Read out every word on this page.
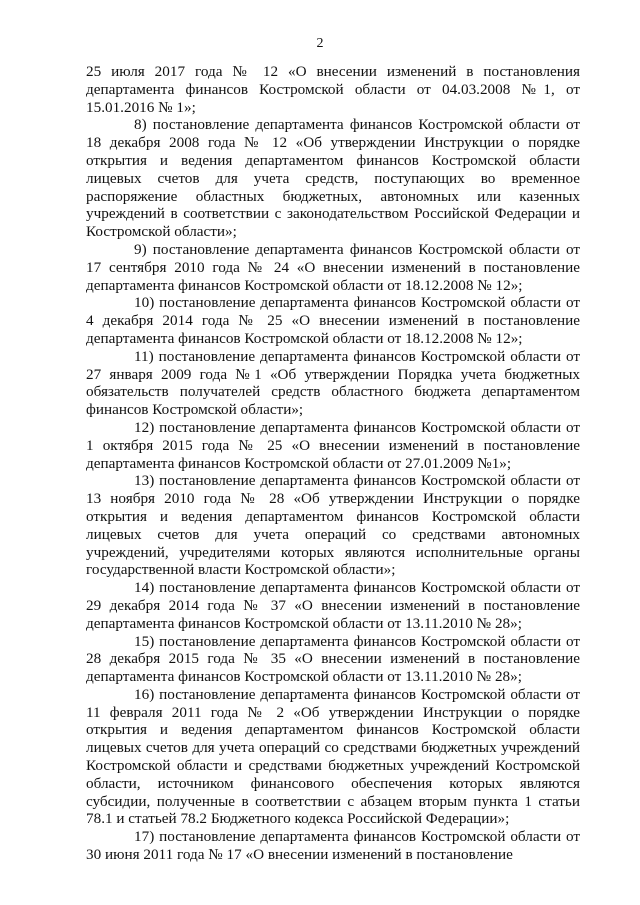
2

25 июля 2017 года № 12 «О внесении изменений в постановления департамента финансов Костромской области от 04.03.2008 №1, от 15.01.2016 № 1»;

8) постановление департамента финансов Костромской области от 18 декабря 2008 года № 12 «Об утверждении Инструкции о порядке открытия и ведения департаментом финансов Костромской области лицевых счетов для учета средств, поступающих во временное распоряжение областных бюджетных, автономных или казенных учреждений в соответствии с законодательством Российской Федерации и Костромской области»;

9) постановление департамента финансов Костромской области от 17 сентября 2010 года № 24 «О внесении изменений в постановление департамента финансов Костромской области от 18.12.2008 № 12»;

10) постановление департамента финансов Костромской области от 4 декабря 2014 года № 25 «О внесении изменений в постановление департамента финансов Костромской области от 18.12.2008 № 12»;

11) постановление департамента финансов Костромской области от 27 января 2009 года №1 «Об утверждении Порядка учета бюджетных обязательств получателей средств областного бюджета департаментом финансов Костромской области»;

12) постановление департамента финансов Костромской области от 1 октября 2015 года № 25 «О внесении изменений в постановление департамента финансов Костромской области от 27.01.2009 №1»;

13) постановление департамента финансов Костромской области от 13 ноября 2010 года № 28 «Об утверждении Инструкции о порядке открытия и ведения департаментом финансов Костромской области лицевых счетов для учета операций со средствами автономных учреждений, учредителями которых являются исполнительные органы государственной власти Костромской области»;

14) постановление департамента финансов Костромской области от 29 декабря 2014 года № 37 «О внесении изменений в постановление департамента финансов Костромской области от 13.11.2010 № 28»;

15) постановление департамента финансов Костромской области от 28 декабря 2015 года № 35 «О внесении изменений в постановление департамента финансов Костромской области от 13.11.2010 № 28»;

16) постановление департамента финансов Костромской области от 11 февраля 2011 года № 2 «Об утверждении Инструкции о порядке открытия и ведения департаментом финансов Костромской области лицевых счетов для учета операций со средствами бюджетных учреждений Костромской области и средствами бюджетных учреждений Костромской области, источником финансового обеспечения которых являются субсидии, полученные в соответствии с абзацем вторым пункта 1 статьи 78.1 и статьей 78.2 Бюджетного кодекса Российской Федерации»;

17) постановление департамента финансов Костромской области от 30 июня 2011 года № 17 «О внесении изменений в постановление
